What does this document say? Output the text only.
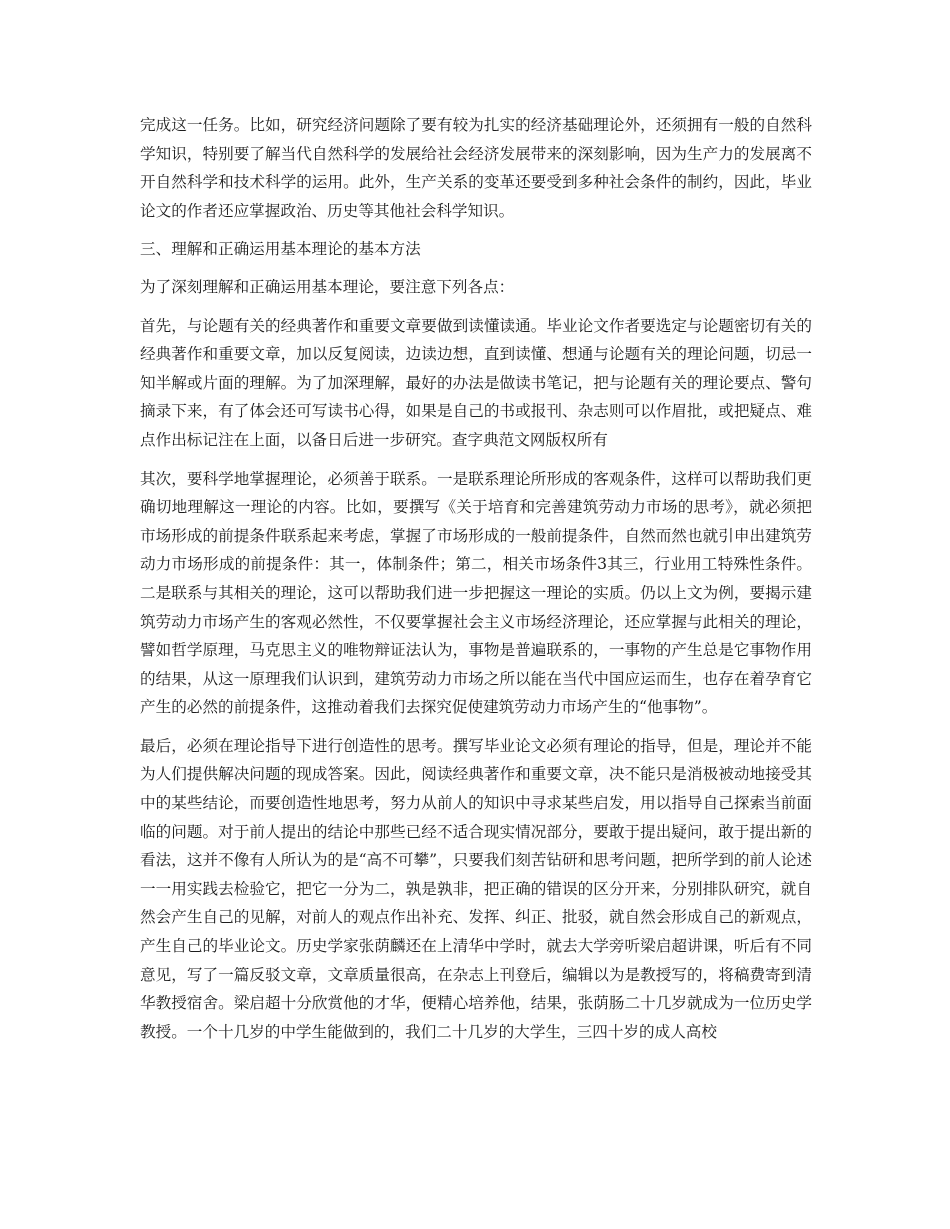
完成这一任务。比如，研究经济问题除了要有较为扎实的经济基础理论外，还须拥有一般的自然科学知识，特别要了解当代自然科学的发展给社会经济发展带来的深刻影响，因为生产力的发展离不开自然科学和技术科学的运用。此外，生产关系的变革还要受到多种社会条件的制约，因此，毕业论文的作者还应掌握政治、历史等其他社会科学知识。

三、理解和正确运用基本理论的基本方法

为了深刻理解和正确运用基本理论，要注意下列各点：

首先，与论题有关的经典著作和重要文章要做到读懂读通。毕业论文作者要选定与论题密切有关的经典著作和重要文章，加以反复阅读，边读边想，直到读懂、想通与论题有关的理论问题，切忌一知半解或片面的理解。为了加深理解，最好的办法是做读书笔记，把与论题有关的理论要点、警句摘录下来，有了体会还可写读书心得，如果是自己的书或报刊、杂志则可以作眉批，或把疑点、难点作出标记注在上面，以备日后进一步研究。查字典范文网版权所有

其次，要科学地掌握理论，必须善于联系。一是联系理论所形成的客观条件，这样可以帮助我们更确切地理解这一理论的内容。比如，要撰写《关于培育和完善建筑劳动力市场的思考》，就必须把市场形成的前提条件联系起来考虑，掌握了市场形成的一般前提条件，自然而然也就引申出建筑劳动力市场形成的前提条件：其一，体制条件；第二，相关市场条件3其三，行业用工特殊性条件。二是联系与其相关的理论，这可以帮助我们进一步把握这一理论的实质。仍以上文为例，要揭示建筑劳动力市场产生的客观必然性，不仅要掌握社会主义市场经济理论，还应掌握与此相关的理论，譬如哲学原理，马克思主义的唯物辩证法认为，事物是普遍联系的，一事物的产生总是它事物作用的结果，从这一原理我们认识到，建筑劳动力市场之所以能在当代中国应运而生，也存在着孕育它产生的必然的前提条件，这推动着我们去探究促使建筑劳动力市场产生的“他事物”。

最后，必须在理论指导下进行创造性的思考。撰写毕业论文必须有理论的指导，但是，理论并不能为人们提供解决问题的现成答案。因此，阅读经典著作和重要文章，决不能只是消极被动地接受其中的某些结论，而要创造性地思考，努力从前人的知识中寻求某些启发，用以指导自己探索当前面临的问题。对于前人提出的结论中那些已经不适合现实情况部分，要敢于提出疑问，敢于提出新的看法，这并不像有人所认为的是“高不可攀”，只要我们刻苦钻研和思考问题，把所学到的前人论述一一用实践去检验它，把它一分为二，孰是孰非，把正确的错误的区分开来，分别排队研究，就自然会产生自己的见解，对前人的观点作出补充、发挥、纠正、批驳，就自然会形成自己的新观点，产生自己的毕业论文。历史学家张荫麟还在上清华中学时，就去大学旁听梁启超讲课，听后有不同意见，写了一篇反驳文章，文章质量很高，在杂志上刊登后，编辑以为是教授写的，将稿费寄到清华教授宿舍。梁启超十分欣赏他的才华，便精心培养他，结果，张荫肠二十几岁就成为一位历史学教授。一个十几岁的中学生能做到的，我们二十几岁的大学生，三四十岁的成人高校
